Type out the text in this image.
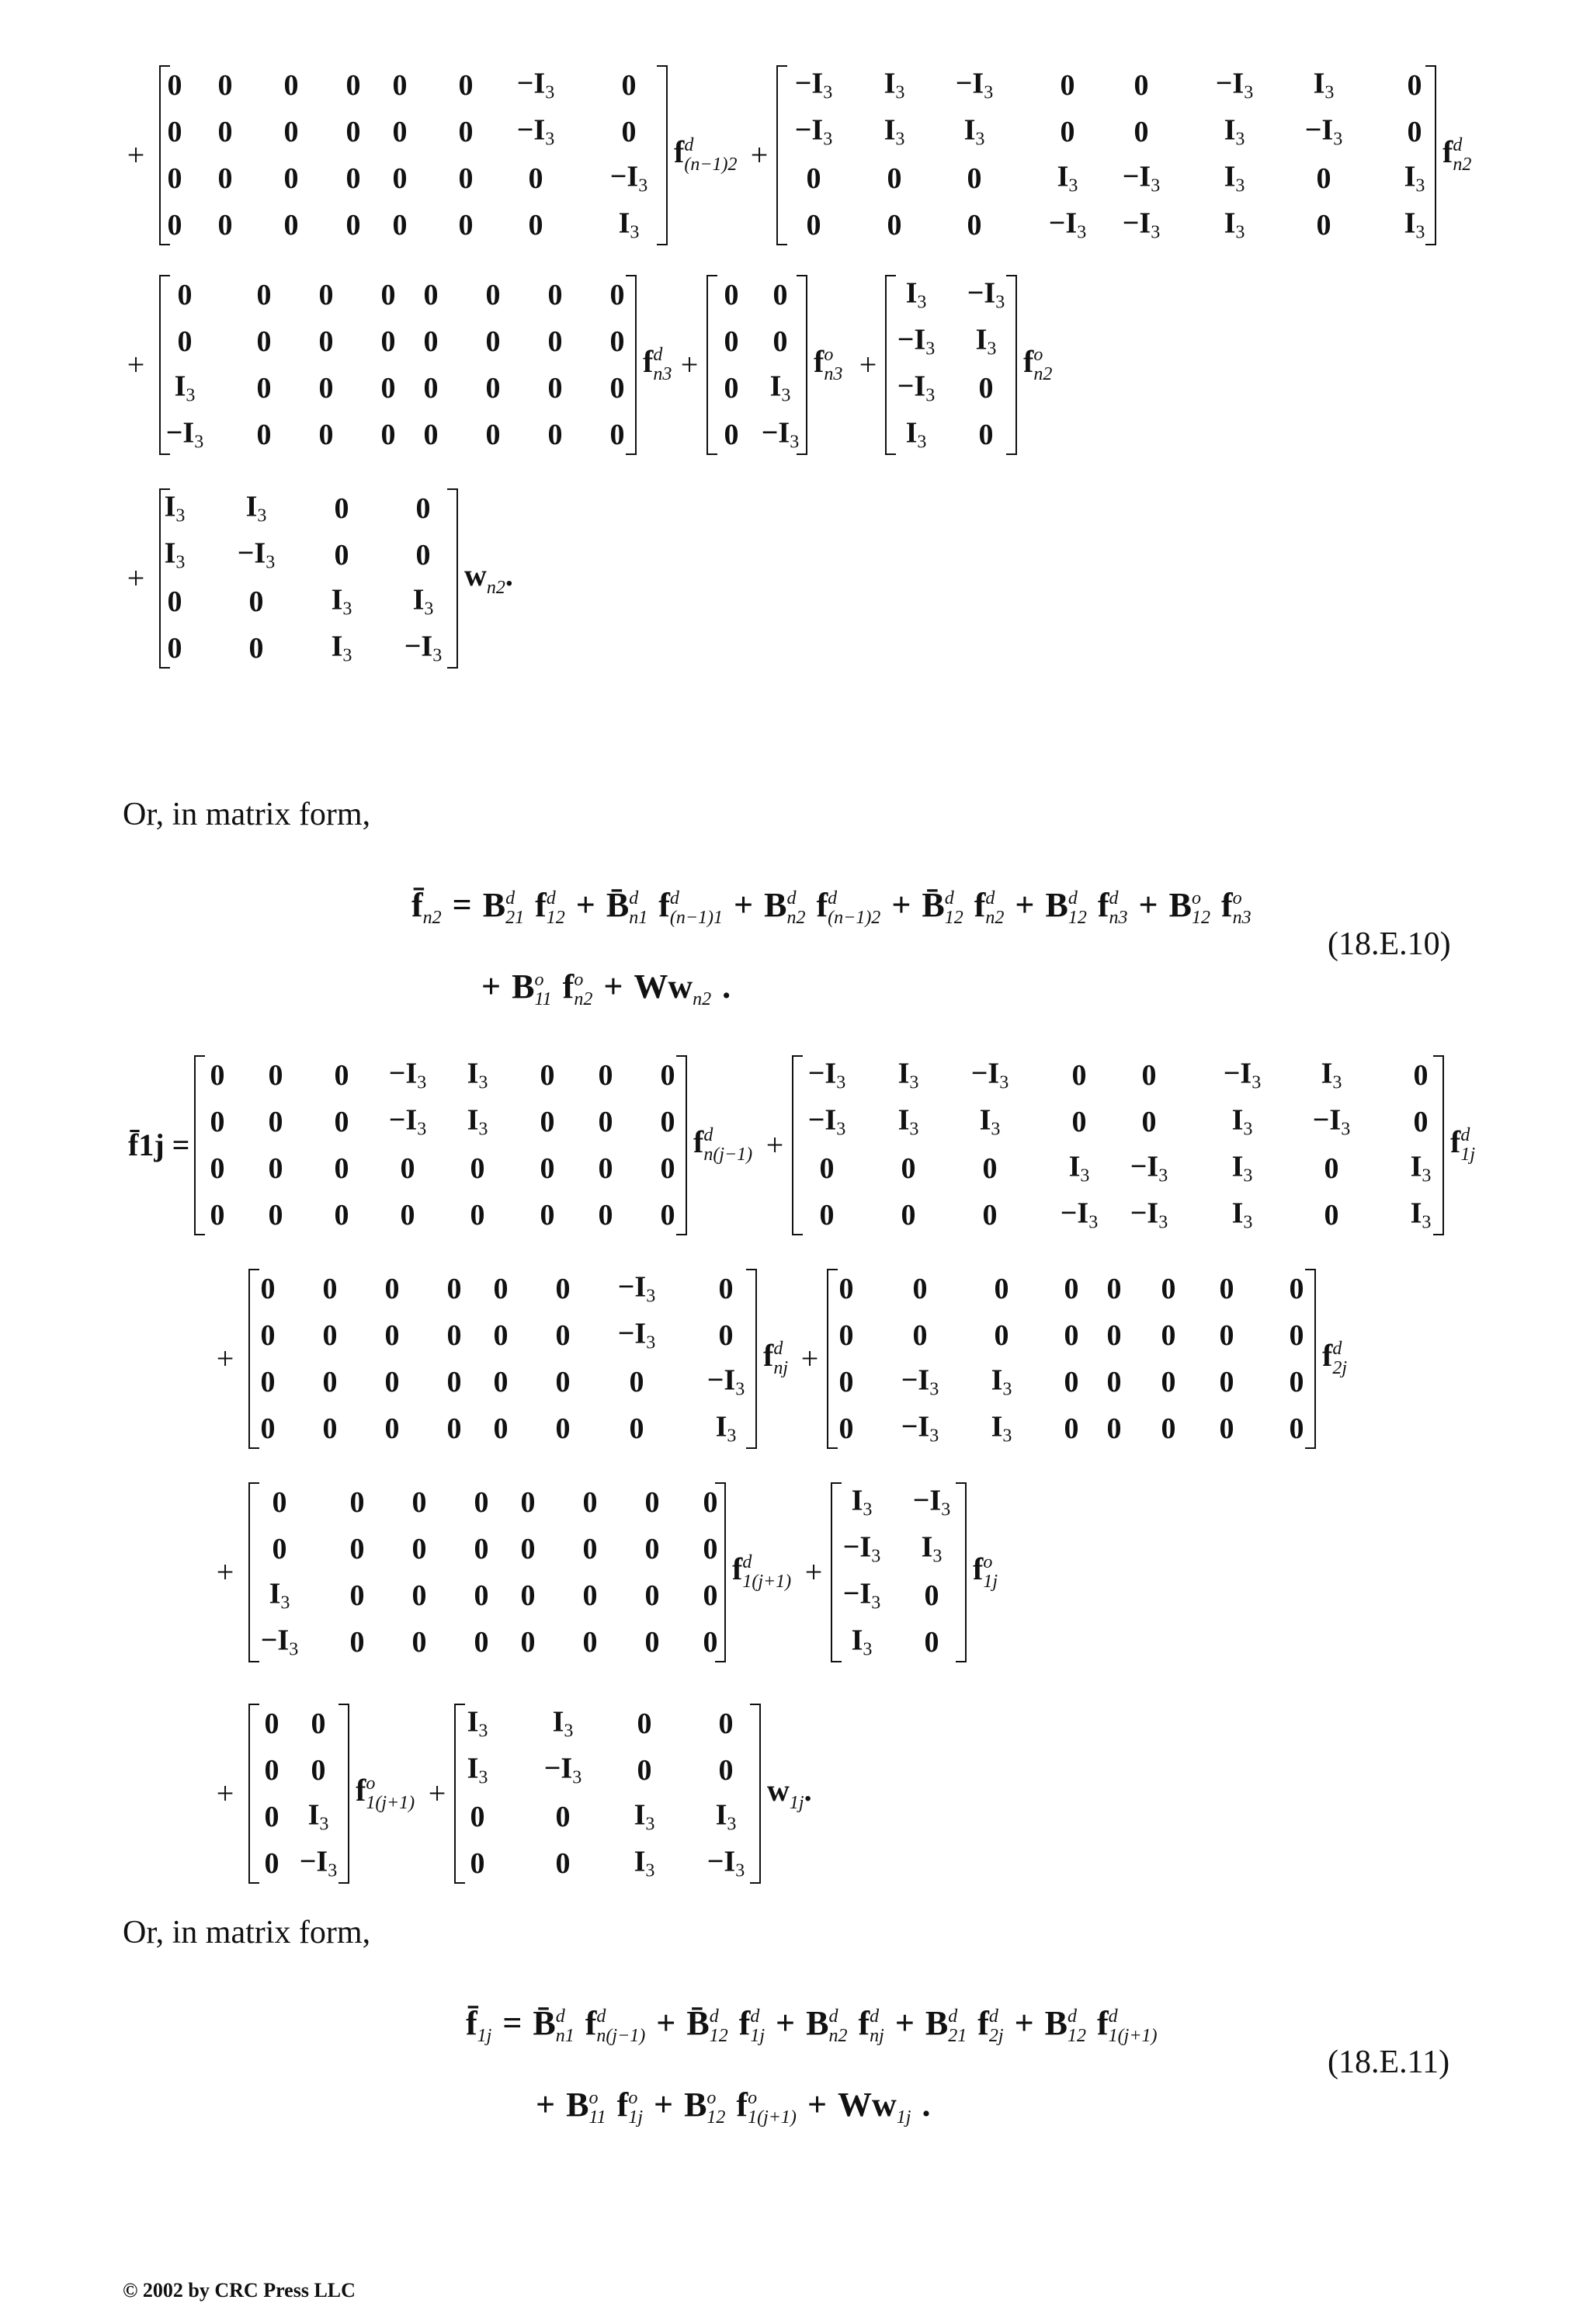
+
0 0 0 0 0 $0 -I_3$ 0
0 0 0 0 0 $0 -I_3$ 0
0 0 0 0 0 0 $0 -I_3$
0 0 0 0 0 0 0	$I_3$
f d
(n−1)2 +
$-I_3$ $I_3 -I_3$ 0 $0 -I_3$ $I_3$ 0
$-I_3$ $I_3$ $I_3$	0 0	$I_3 -I_3$ 0
0 0 0	$I_3 -I_3$ $I_3$ 0 $I_3$
0 0 $0 -I_3 -I_3$ $I_3$ 0 $I_3$
f d
n2
+
0 0 0 0 0 0 0 0
0 0 0 0 0 0 0 0
$I_3$ 0 0 0 0 0 0 0
$-I_3$ 0 0 0 0 0 0 0
f d
n3 +
0 0
0 0
0 $I_3$
$0 -I_3$
f o
n3 +
$I_3 -I_3$
$-I_3$ $I_3$
$-I_3$ 0
$I_3$ 0
f o
n2
+
$I_3$ $I_3$ 0 0
$I_3 -I_3$ 0 0
0 0 $I_3$ $I_3$
0 0 $I_3 -I_3$
w
n2 .
Or, in matrix form,
f̄
n2 = B d
21 f d
12 + B̄ d
n1 f d
(n−1)1 + B d
n2 f d
(n−1)2 + B̄ d
12 f d
n2 + B d
12 f d
n3 + B o
12 f o
n3
+ B o
11 f o
n2 + Ww
n2 .
(18.E.10)
f̄1j =
0 0 $0 -I_3$ $I_3$ 0 0 0
0 0 $0 -I_3$ $I_3$ 0 0 0
0 0 0 0 0 0 0 0
0 0 0 0 0 0 0 0
f d
n(j−1) +
$-I_3$ $I_3 -I_3$ 0 $0 -I_3$ $I_3$ 0
$-I_3$ $I_3$ $I_3$ 0 0	$I_3 -I_3$ 0
0 0 0 $I_3 -I_3$ $I_3$ 0 $I_3$
0 0 $0 -I_3 -I_3$ $I_3$ 0 $I_3$
f d
1j
+
0 0 0 0 0 $0 -I_3$ 0
0 0 0 0 0 $0 -I_3$ 0
0 0 0 0 0 0 $0 -I_3$
0 0 0 0 0 0 0 $I_3$
f d
nj +
0 0 0 0 0 0 0 0
0 0 0 0 0 0 0 0
$0 -I_3$ $I_3$ 0 0 0 0 0
$0 -I_3$ $I_3$ 0 0 0 0 0
f d
2j
+
0 0 0 0 0 0 0 0
0 0 0 0 0 0 0 0
$I_3$ 0 0 0 0 0 0 0
$-I_3$ 0 0 0 0 0 0 0
f d
1(j+1) +
$I_3 -I_3$
$-I_3$ $I_3$
$-I_3$ 0
$I_3$ 0
f o
1j
+
0 0
0 0
0 $I_3$
$0 -I_3$
f o
1(j+1) +
$I_3$ $I_3$ 0 0
$I_3 -I_3$ 0 0
0 0 $I_3$ $I_3$
0 0 $I_3 -I_3$
w
1j .
Or, in matrix form,
f̄
1j = B̄ d
n1 f d
n(j−1) + B̄ d
12 f d
1j + B d
n2 f d
nj + B d
21 f d
2j + B d
12 f d
1(j+1)
+ B o
11 f o
1j + B o
12 f o
1(j+1) + Ww
1j .
(18.E.11)
© 2002 by CRC Press LLC
